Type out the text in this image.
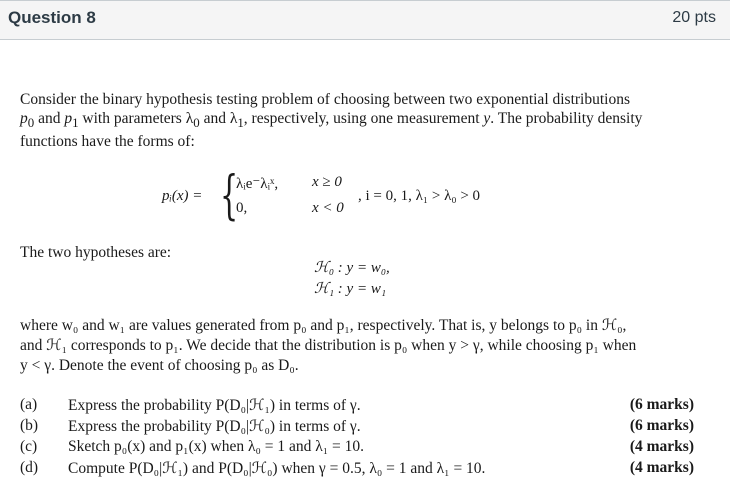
Question 8	20 pts

Consider the binary hypothesis testing problem of choosing between two exponential distributions

$p_0$ and $p_1$ with parameters $\lambda_0$ and $\lambda_1$, respectively, using one measurement y. The probability density

functions have the forms of:

pᵢ(x) = {
λᵢe⁻λᵢˣ, x ≥ 0
0,	x < 0
, i = 0, 1, λ₁ > λ₀ > 0
The two hypotheses are:
ℋ₀ : y = w₀,
ℋ₁ : y = w₁
where w₀ and w₁ are values generated from p₀ and p₁, respectively. That is, y belongs to p₀ in ℋ₀,
and ℋ₁ corresponds to p₁. We decide that the distribution is p₀ when y > γ, while choosing p₁ when
y < γ. Denote the event of choosing p₀ as D₀.
(a) Express the probability P(D₀|ℋ₁) in terms of γ.	(6 marks)
(b) Express the probability P(D₀|ℋ₀) in terms of γ.	(6 marks)
(c) Sketch p₀(x) and p₁(x) when λ₀ = 1 and λ₁ = 10.	(4 marks)
(d) Compute P(D₀|ℋ₁) and P(D₀|ℋ₀) when γ = 0.5, λ₀ = 1 and λ₁ = 10.	(4 marks)
